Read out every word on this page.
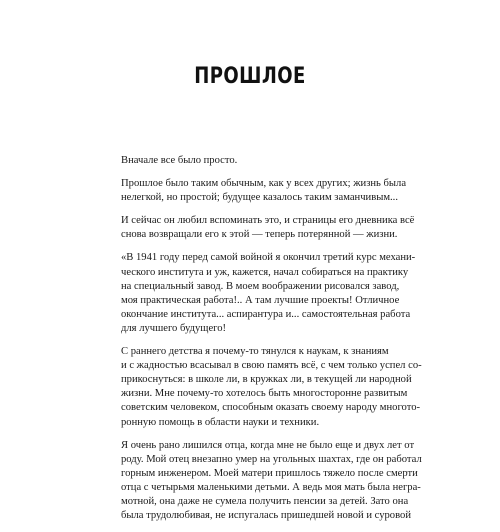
ПРОШЛОЕ

Вначале все было просто.

Прошлое было таким обычным, как у всех других; жизнь была
нелегкой, но простой; будущее казалось таким заманчивым...

И сейчас он любил вспоминать это, и страницы его дневника всё
снова возвращали его к этой — теперь потерянной — жизни.

«В 1941 году перед самой войной я окончил третий курс механи-
ческого института и уж, кажется, начал собираться на практику
на специальный завод. В моем воображении рисовался завод,
моя практическая работа!.. А там лучшие проекты! Отличное
окончание института... аспирантура и... самостоятельная работа
для лучшего будущего!

С раннего детства я почему-то тянулся к наукам, к знаниям
и с жадностью всасывал в свою память всё, с чем только успел со-
прикоснуться: в школе ли, в кружках ли, в текущей ли народной
жизни. Мне почему-то хотелось быть многосторонне развитым
советским человеком, способным оказать своему народу многото-
ронную помощь в области науки и техники.

Я очень рано лишился отца, когда мне не было еще и двух лет от
роду. Мой отец внезапно умер на угольных шахтах, где он работал
горным инженером. Моей матери пришлось тяжело после смерти
отца с четырьмя маленькими детьми. А ведь моя мать была негра-
мотной, она даже не сумела получить пенсии за детей. Зато она
была трудолюбивая, не испугалась пришедшей новой и суровой
